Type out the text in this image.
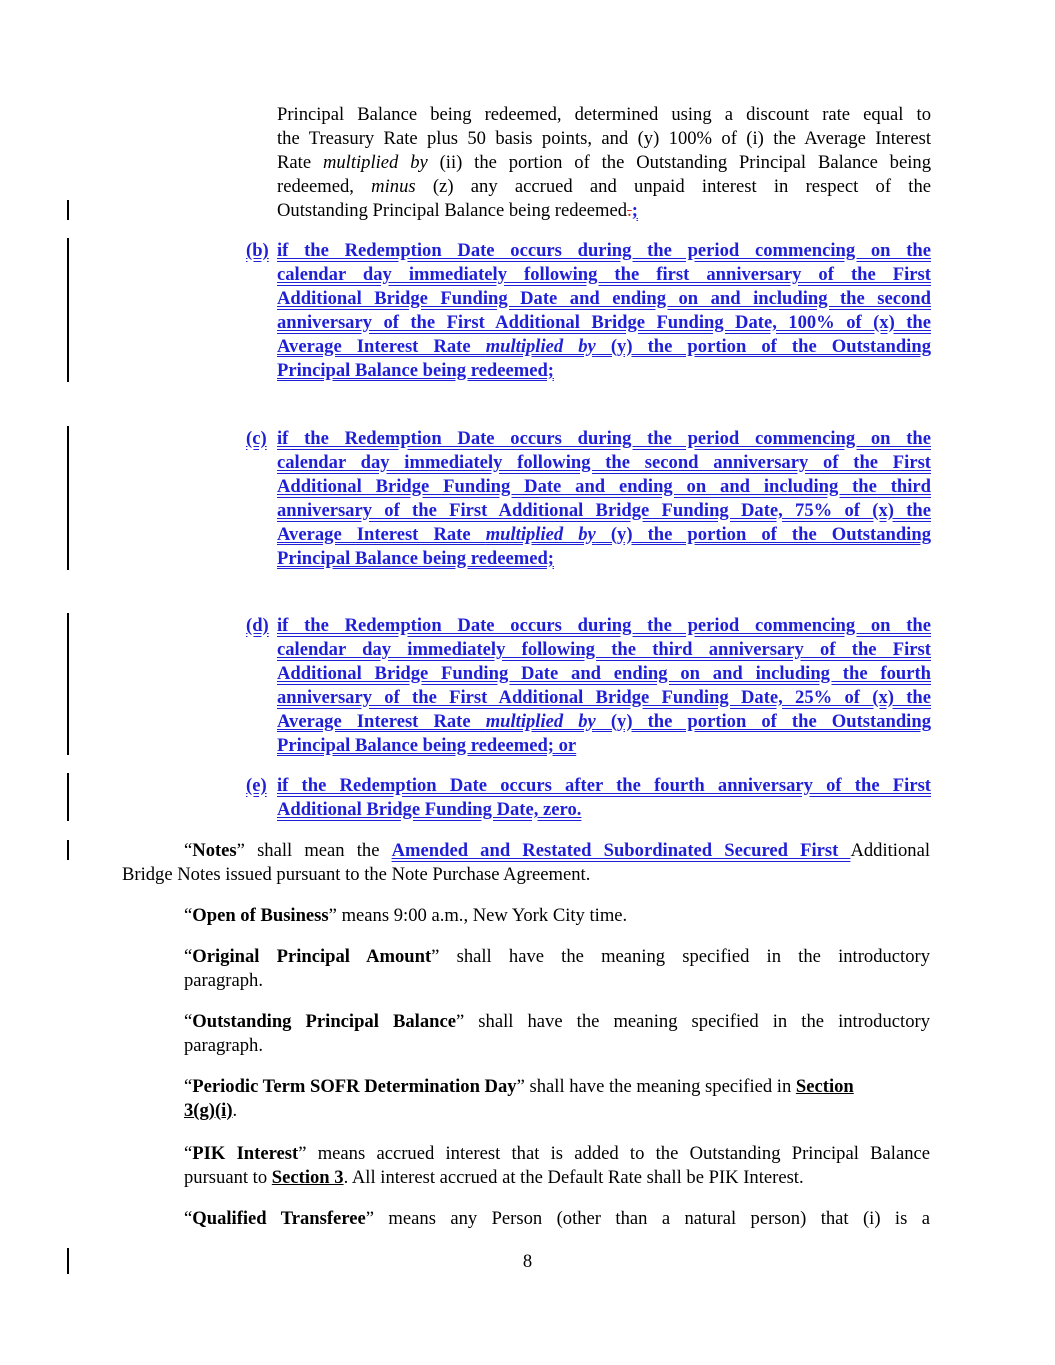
Principal Balance being redeemed, determined using a discount rate equal to
the Treasury Rate plus 50 basis points, and (y) 100% of (i) the Average Interest
Rate multiplied by (ii) the portion of the Outstanding Principal Balance being
redeemed, minus (z) any accrued and unpaid interest in respect of the
Outstanding Principal Balance being redeemed.;
(b) if the Redemption Date occurs during the period commencing on the
calendar day immediately following the first anniversary of the First
Additional Bridge Funding Date and ending on and including the second
anniversary of the First Additional Bridge Funding Date, 100% of (x) the
Average Interest Rate multiplied by (y) the portion of the Outstanding
Principal Balance being redeemed;
(c) if the Redemption Date occurs during the period commencing on the
calendar day immediately following the second anniversary of the First
Additional Bridge Funding Date and ending on and including the third
anniversary of the First Additional Bridge Funding Date, 75% of (x) the
Average Interest Rate multiplied by (y) the portion of the Outstanding
Principal Balance being redeemed;
(d) if the Redemption Date occurs during the period commencing on the
calendar day immediately following the third anniversary of the First
Additional Bridge Funding Date and ending on and including the fourth
anniversary of the First Additional Bridge Funding Date, 25% of (x) the
Average Interest Rate multiplied by (y) the portion of the Outstanding
Principal Balance being redeemed; or
(e) if the Redemption Date occurs after the fourth anniversary of the First
Additional Bridge Funding Date, zero.
“Notes” shall mean the Amended and Restated Subordinated Secured First Additional
Bridge Notes issued pursuant to the Note Purchase Agreement.
“Open of Business” means 9:00 a.m., New York City time.
“Original Principal Amount” shall have the meaning specified in the introductory
paragraph.
“Outstanding Principal Balance” shall have the meaning specified in the introductory
paragraph.
“Periodic Term SOFR Determination Day” shall have the meaning specified in Section
3(g)(i).
“PIK Interest” means accrued interest that is added to the Outstanding Principal Balance
pursuant to Section 3. All interest accrued at the Default Rate shall be PIK Interest.
“Qualified Transferee” means any Person (other than a natural person) that (i) is a
8
